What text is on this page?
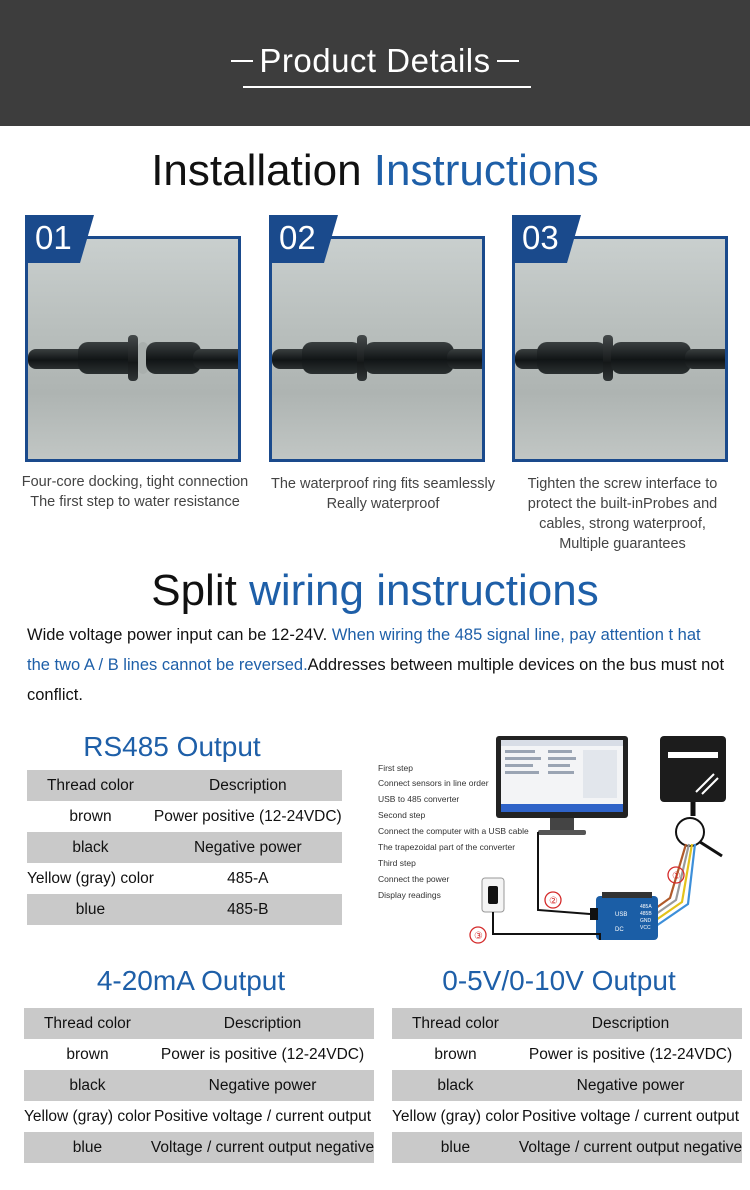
Product Details
Installation Instructions
01	02	03
Four-core docking, tight connection
The first step to water resistance
The waterproof ring fits seamlessly
Really waterproof
Tighten the screw interface to
protect the built-inProbes and
cables, strong waterproof,
Multiple guarantees
Split wiring instructions
Wide voltage power input can be 12-24V. When wiring the 485 signal line, pay attention t hat the two A / B lines cannot be reversed.Addresses between multiple devices on the bus must not conflict.
RS485 Output
Thread color	Description
brown	Power positive (12-24VDC)
black	Negative power
Yellow (gray) color	485-A
blue	485-B
①
②
③
USB
DC
485A
485B
GND
VCC
First step
Connect sensors in line order
USB to 485 converter
Second step
Connect the computer with a USB cable
The trapezoidal part of the converter
Third step
Connect the power
Display readings
4-20mA Output
Thread color	Description
brown	Power is positive (12-24VDC)
black	Negative power
Yellow (gray) color	Positive voltage / current output
blue	Voltage / current output negative
0-5V/0-10V Output
Thread color	Description
brown	Power is positive (12-24VDC)
black	Negative power
Yellow (gray) color	Positive voltage / current output
blue	Voltage / current output negative
